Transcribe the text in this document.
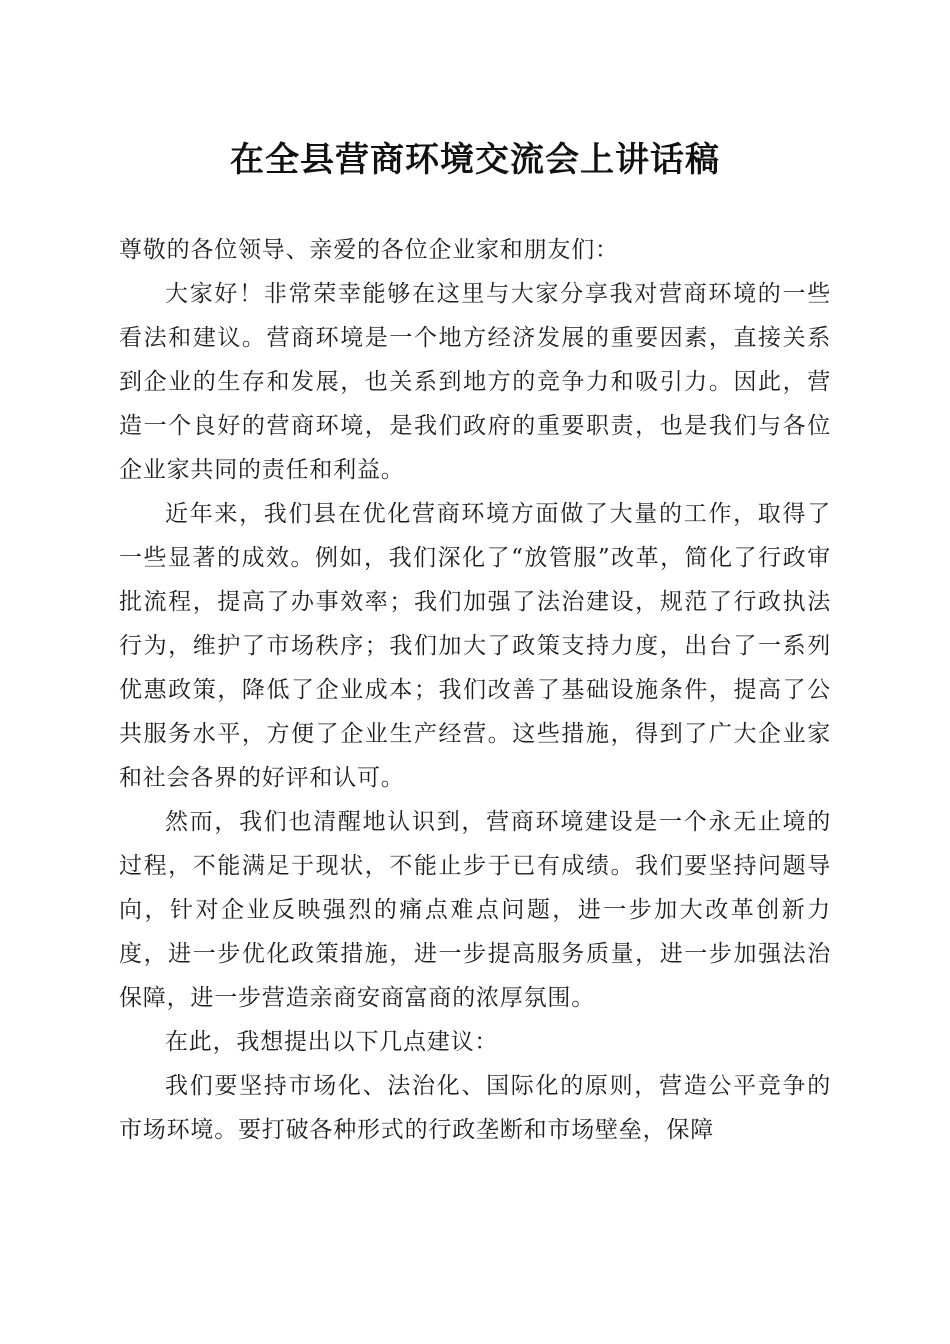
在全县营商环境交流会上讲话稿

尊敬的各位领导、亲爱的各位企业家和朋友们：

大家好！非常荣幸能够在这里与大家分享我对营商环境的一些看法和建议。营商环境是一个地方经济发展的重要因素，直接关系到企业的生存和发展，也关系到地方的竞争力和吸引力。因此，营造一个良好的营商环境，是我们政府的重要职责，也是我们与各位企业家共同的责任和利益。

近年来，我们县在优化营商环境方面做了大量的工作，取得了一些显著的成效。例如，我们深化了“放管服”改革，简化了行政审批流程，提高了办事效率；我们加强了法治建设，规范了行政执法行为，维护了市场秩序；我们加大了政策支持力度，出台了一系列优惠政策，降低了企业成本；我们改善了基础设施条件，提高了公共服务水平，方便了企业生产经营。这些措施，得到了广大企业家和社会各界的好评和认可。

然而，我们也清醒地认识到，营商环境建设是一个永无止境的过程，不能满足于现状，不能止步于已有成绩。我们要坚持问题导向，针对企业反映强烈的痛点难点问题，进一步加大改革创新力度，进一步优化政策措施，进一步提高服务质量，进一步加强法治保障，进一步营造亲商安商富商的浓厚氛围。

在此，我想提出以下几点建议：

我们要坚持市场化、法治化、国际化的原则，营造公平竞争的市场环境。要打破各种形式的行政垄断和市场壁垒，保障
